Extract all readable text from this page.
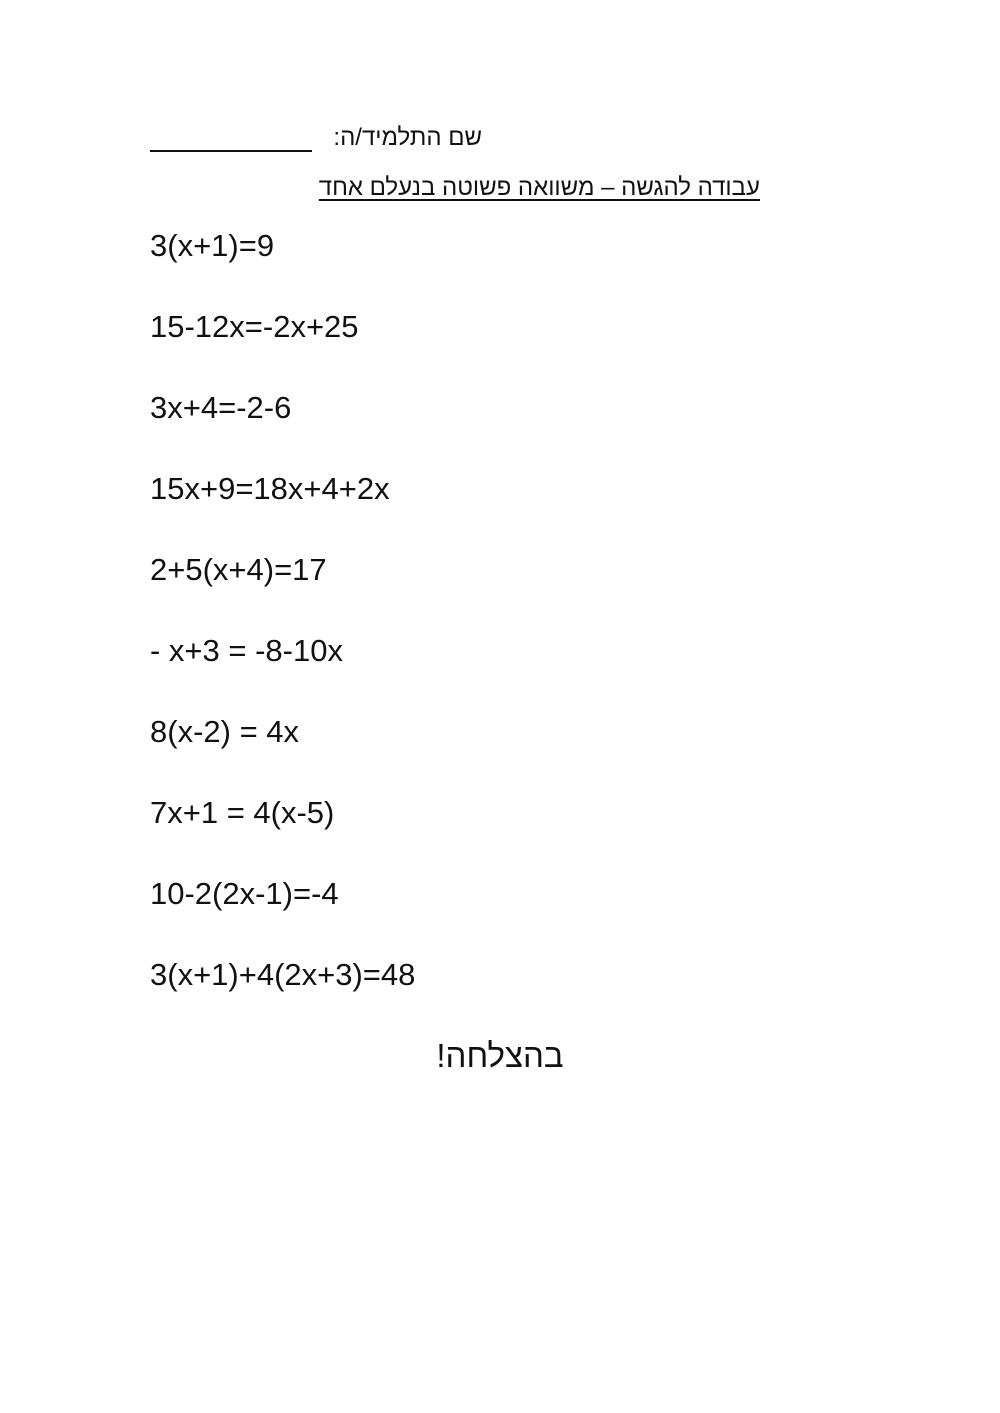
שם התלמיד/ה:
עבודה להגשה – משוואה פשוטה בנעלם אחד
3(x+1)=9
15-12x=-2x+25
3x+4=-2-6
15x+9=18x+4+2x
2+5(x+4)=17
- x+3 = -8-10x
8(x-2) = 4x
7x+1 = 4(x-5)
10-2(2x-1)=-4
3(x+1)+4(2x+3)=48
בהצלחה!
